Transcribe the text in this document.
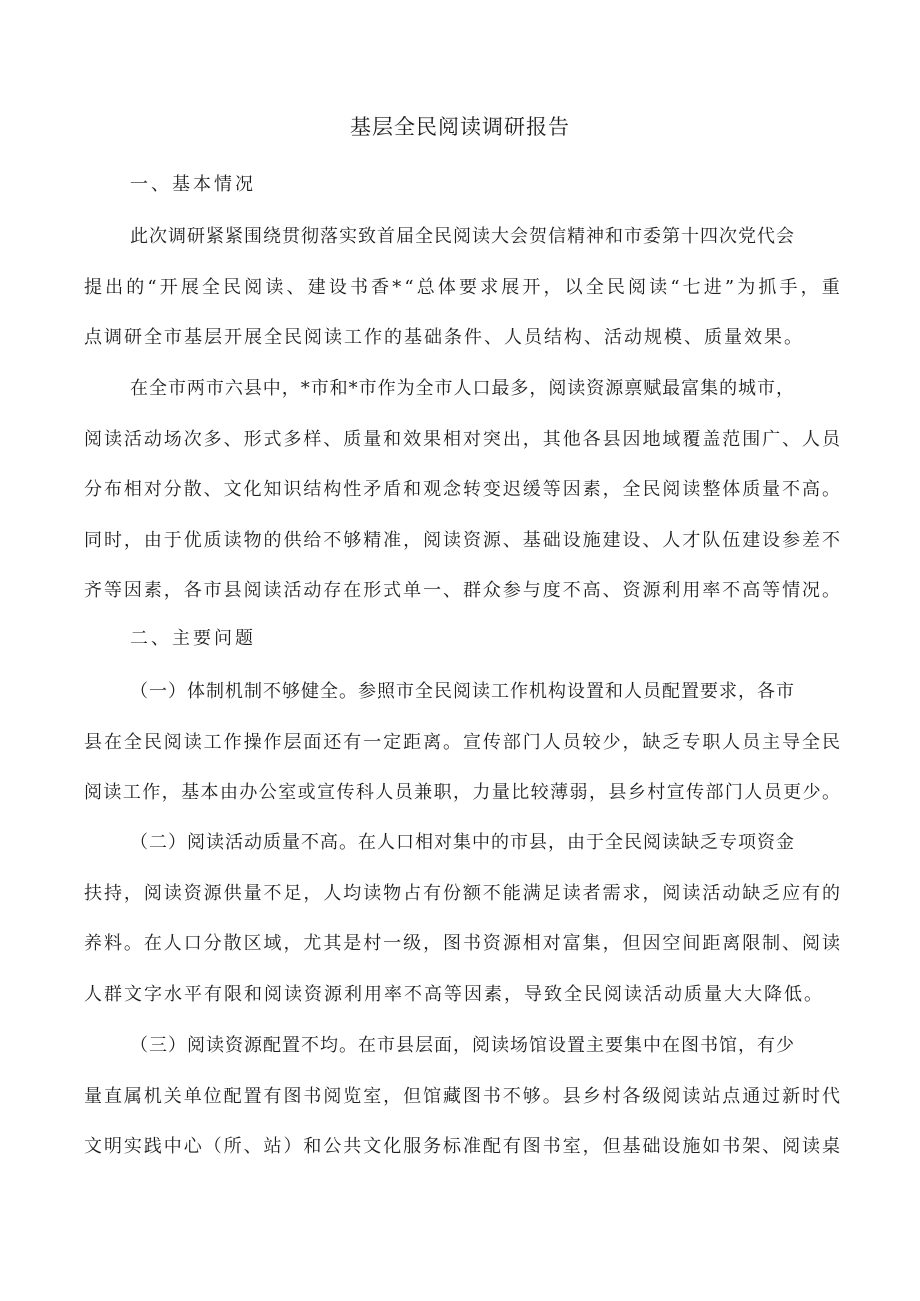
基层全民阅读调研报告
一、基本情况
此次调研紧紧围绕贯彻落实致首届全民阅读大会贺信精神和市委第十四次党代会
提出的“开展全民阅读、建设书香*“总体要求展开，以全民阅读“七进”为抓手，重
点调研全市基层开展全民阅读工作的基础条件、人员结构、活动规模、质量效果。
在全市两市六县中，*市和*市作为全市人口最多，阅读资源禀赋最富集的城市，
阅读活动场次多、形式多样、质量和效果相对突出，其他各县因地域覆盖范围广、人员
分布相对分散、文化知识结构性矛盾和观念转变迟缓等因素，全民阅读整体质量不高。
同时，由于优质读物的供给不够精准，阅读资源、基础设施建设、人才队伍建设参差不
齐等因素，各市县阅读活动存在形式单一、群众参与度不高、资源利用率不高等情况。
二、主要问题
（一）体制机制不够健全。参照市全民阅读工作机构设置和人员配置要求，各市
县在全民阅读工作操作层面还有一定距离。宣传部门人员较少，缺乏专职人员主导全民
阅读工作，基本由办公室或宣传科人员兼职，力量比较薄弱，县乡村宣传部门人员更少。
（二）阅读活动质量不高。在人口相对集中的市县，由于全民阅读缺乏专项资金
扶持，阅读资源供量不足，人均读物占有份额不能满足读者需求，阅读活动缺乏应有的
养料。在人口分散区域，尤其是村一级，图书资源相对富集，但因空间距离限制、阅读
人群文字水平有限和阅读资源利用率不高等因素，导致全民阅读活动质量大大降低。
（三）阅读资源配置不均。在市县层面，阅读场馆设置主要集中在图书馆，有少
量直属机关单位配置有图书阅览室，但馆藏图书不够。县乡村各级阅读站点通过新时代
文明实践中心（所、站）和公共文化服务标准配有图书室，但基础设施如书架、阅读桌
